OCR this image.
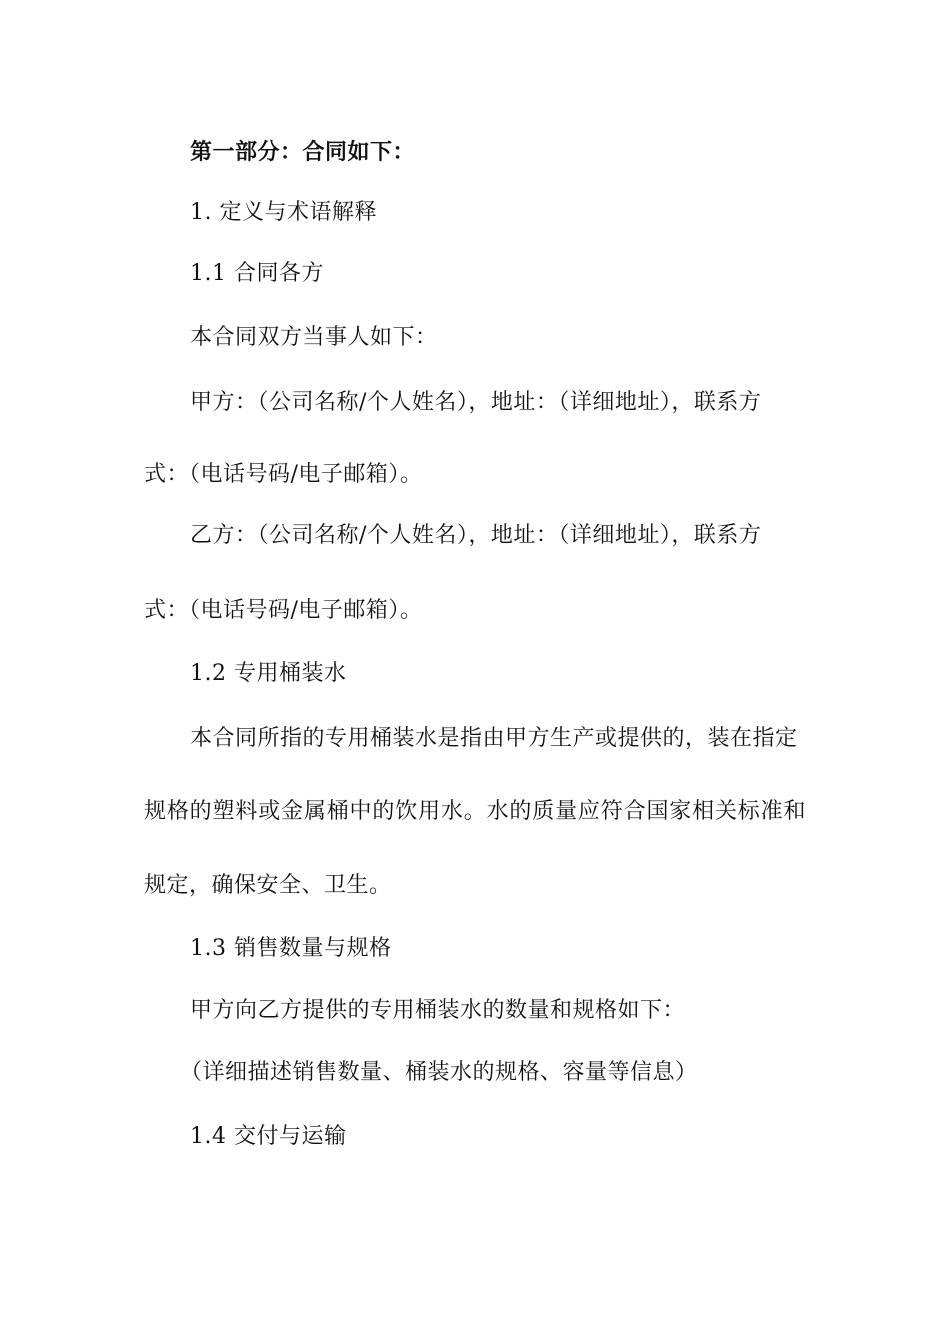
第一部分：合同如下：
1. 定义与术语解释
1.1 合同各方
本合同双方当事人如下：
甲方：（公司名称/个人姓名），地址：（详细地址），联系方
式：（电话号码/电子邮箱）。
乙方：（公司名称/个人姓名），地址：（详细地址），联系方
式：（电话号码/电子邮箱）。
1.2 专用桶装水
本合同所指的专用桶装水是指由甲方生产或提供的，装在指定
规格的塑料或金属桶中的饮用水。水的质量应符合国家相关标准和
规定，确保安全、卫生。
1.3 销售数量与规格
甲方向乙方提供的专用桶装水的数量和规格如下：
（详细描述销售数量、桶装水的规格、容量等信息）
1.4 交付与运输
